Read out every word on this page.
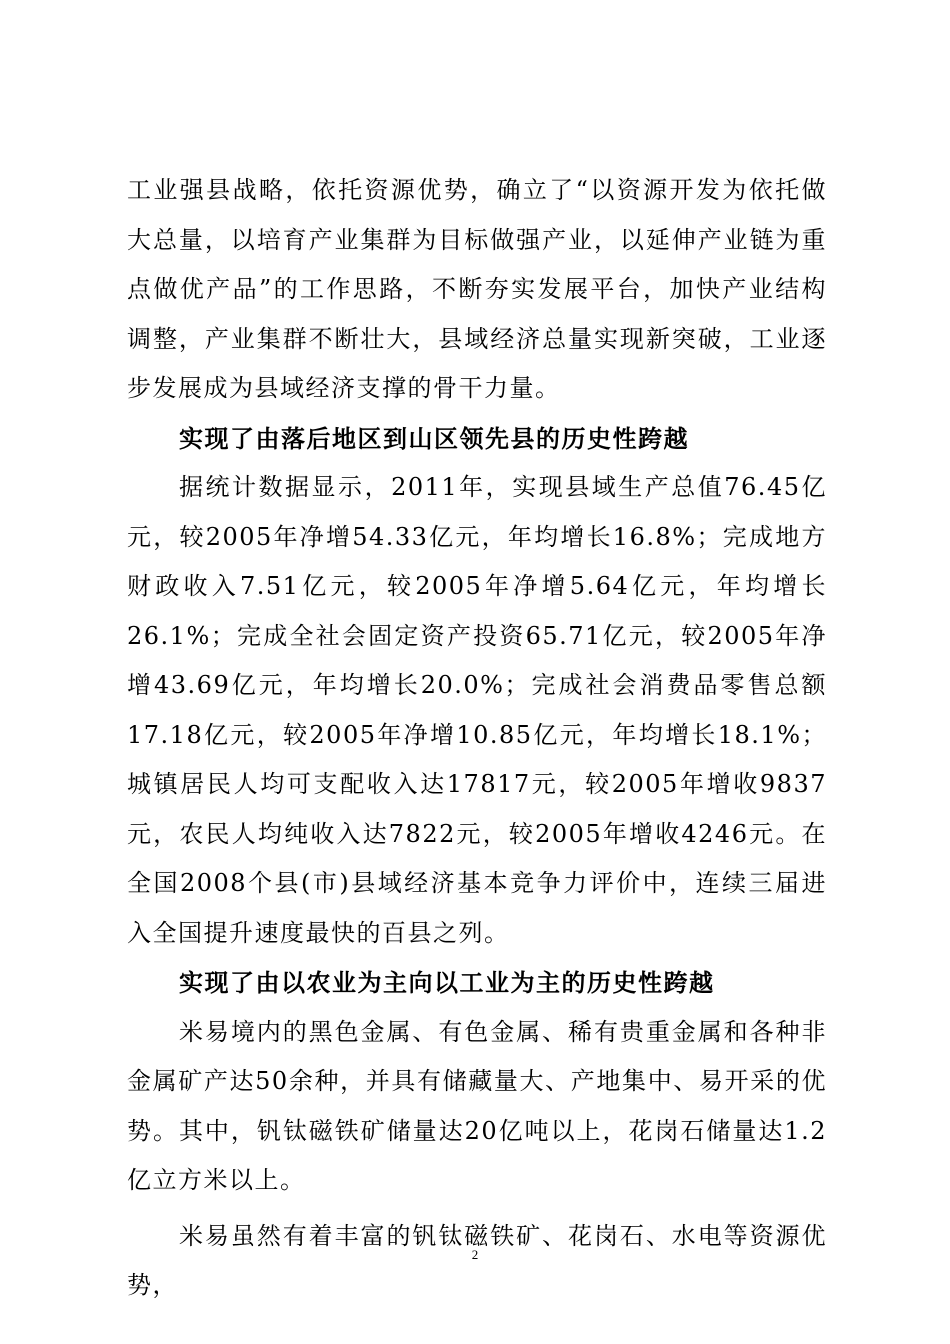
工业强县战略，依托资源优势，确立了“以资源开发为依托做大总量，以培育产业集群为目标做强产业，以延伸产业链为重点做优产品”的工作思路，不断夯实发展平台，加快产业结构调整，产业集群不断壮大，县域经济总量实现新突破，工业逐步发展成为县域经济支撑的骨干力量。

实现了由落后地区到山区领先县的历史性跨越

据统计数据显示，2011年，实现县域生产总值76.45亿元，较2005年净增54.33亿元，年均增长16.8%；完成地方财政收入7.51亿元，较2005年净增5.64亿元，年均增长26.1%；完成全社会固定资产投资65.71亿元，较2005年净增43.69亿元，年均增长20.0%；完成社会消费品零售总额17.18亿元，较2005年净增10.85亿元，年均增长18.1%；城镇居民人均可支配收入达17817元，较2005年增收9837元，农民人均纯收入达7822元，较2005年增收4246元。在全国2008个县(市)县域经济基本竞争力评价中，连续三届进入全国提升速度最快的百县之列。

实现了由以农业为主向以工业为主的历史性跨越

米易境内的黑色金属、有色金属、稀有贵重金属和各种非金属矿产达50余种，并具有储藏量大、产地集中、易开采的优势。其中，钒钛磁铁矿储量达20亿吨以上，花岗石储量达1.2亿立方米以上。

米易虽然有着丰富的钒钛磁铁矿、花岗石、水电等资源优势，

2
